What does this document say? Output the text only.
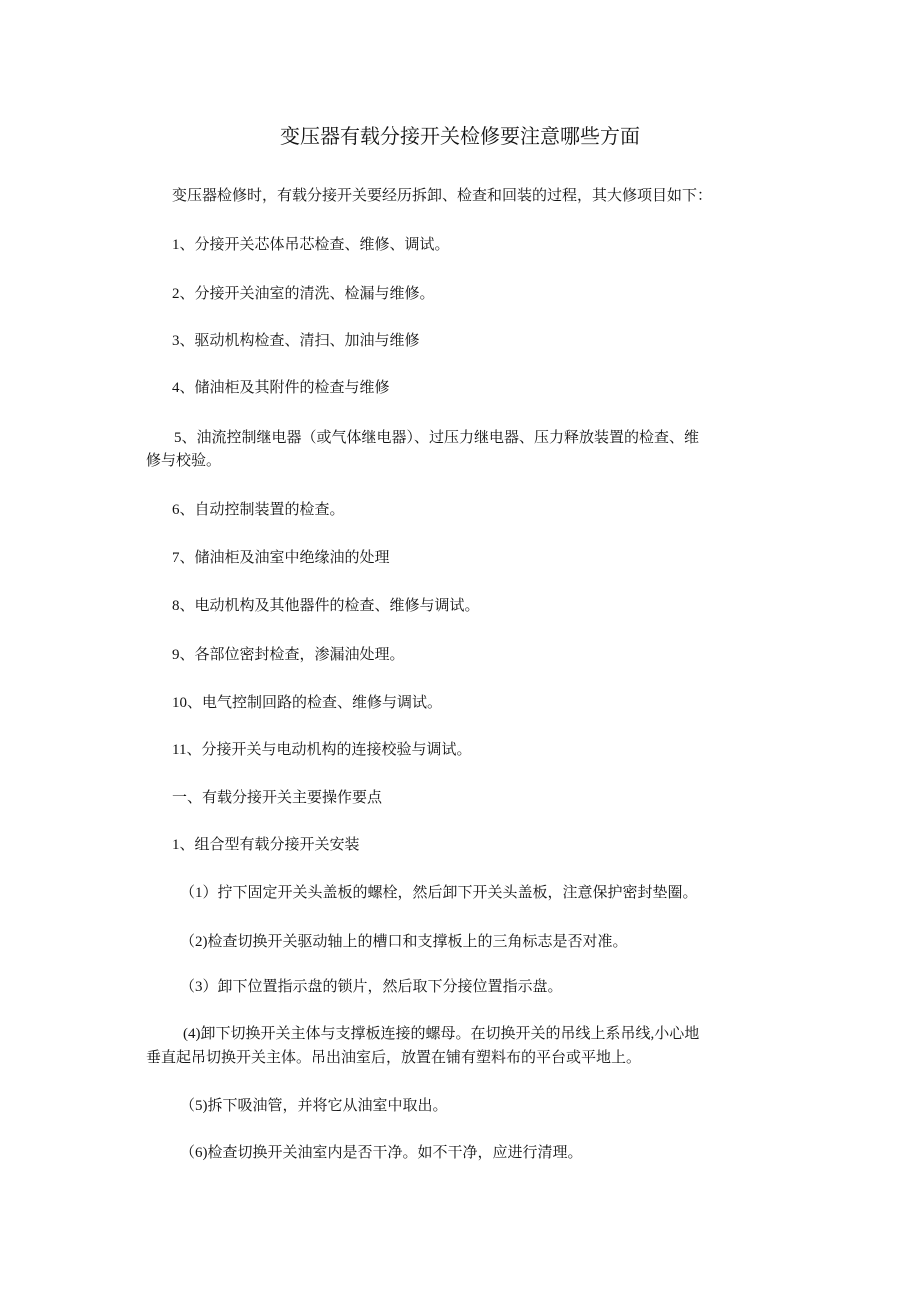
变压器有载分接开关检修要注意哪些方面
变压器检修时，有载分接开关要经历拆卸、检查和回装的过程，其大修项目如下：
1、分接开关芯体吊芯检查、维修、调试。
2、分接开关油室的清洗、检漏与维修。
3、驱动机构检查、清扫、加油与维修
4、储油柜及其附件的检查与维修
5、油流控制继电器（或气体继电器）、过压力继电器、压力释放装置的检查、维
修与校验。
6、自动控制装置的检查。
7、储油柜及油室中绝缘油的处理
8、电动机构及其他器件的检查、维修与调试。
9、各部位密封检查，渗漏油处理。
10、电气控制回路的检查、维修与调试。
11、分接开关与电动机构的连接校验与调试。
一、有载分接开关主要操作要点
1、组合型有载分接开关安装
（1）拧下固定开关头盖板的螺栓，然后卸下开关头盖板，注意保护密封垫圈。
（2)检查切换开关驱动轴上的槽口和支撑板上的三角标志是否对准。
（3）卸下位置指示盘的锁片，然后取下分接位置指示盘。
(4)卸下切换开关主体与支撑板连接的螺母。在切换开关的吊线上系吊线,小心地
垂直起吊切换开关主体。吊出油室后，放置在铺有塑料布的平台或平地上。
（5)拆下吸油管，并将它从油室中取出。
（6)检查切换开关油室内是否干净。如不干净，应进行清理。
